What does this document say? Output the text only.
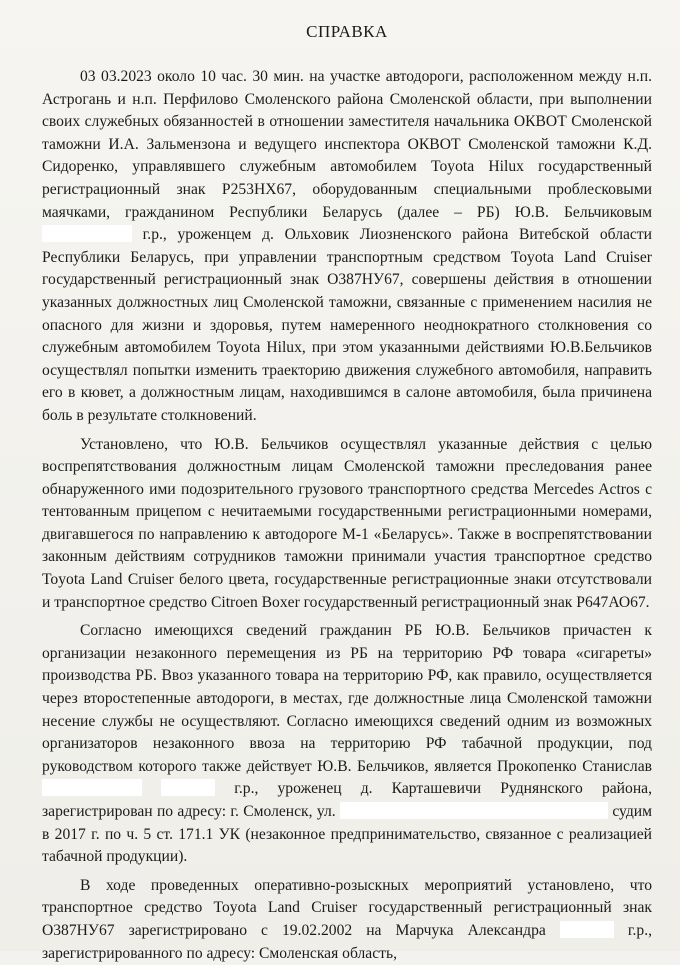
СПРАВКА

03 03.2023 около 10 час. 30 мин. на участке автодороги, расположенном между н.п. Астрогань и н.п. Перфилово Смоленского района Смоленской области, при выполнении своих служебных обязанностей в отношении заместителя начальника ОКВОТ Смоленской таможни И.А. Зальмензона и ведущего инспектора ОКВОТ Смоленской таможни К.Д. Сидоренко, управлявшего служебным автомобилем Toyota Hilux государственный регистрационный знак Р253НХ67, оборудованным специальными проблесковыми маячками, гражданином Республики Беларусь (далее – РБ) Ю.В. Бельчиковым  г.р., уроженцем д. Ольховик Лиозненского района Витебской области Республики Беларусь, при управлении транспортным средством Toyota Land Cruiser государственный регистрационный знак О387НУ67, совершены действия в отношении указанных должностных лиц Смоленской таможни, связанные с применением насилия не опасного для жизни и здоровья, путем намеренного неоднократного столкновения со служебным автомобилем Toyota Hilux, при этом указанными действиями Ю.В.Бельчиков осуществлял попытки изменить траекторию движения служебного автомобиля, направить его в кювет, а должностным лицам, находившимся в салоне автомобиля, была причинена боль в результате столкновений.

Установлено, что Ю.В. Бельчиков осуществлял указанные действия с целью воспрепятствования должностным лицам Смоленской таможни преследования ранее обнаруженного ими подозрительного грузового транспортного средства Mercedes Actros с тентованным прицепом с нечитаемыми государственными регистрационными номерами, двигавшегося по направлению к автодороге М-1 «Беларусь». Также в воспрепятствовании законным действиям сотрудников таможни принимали участия транспортное средство Toyota Land Cruiser белого цвета, государственные регистрационные знаки отсутствовали и транспортное средство Citroen Boxer государственный регистрационный знак Р647АО67.

Согласно имеющихся сведений гражданин РБ Ю.В. Бельчиков причастен к организации незаконного перемещения из РБ на территорию РФ товара «сигареты» производства РБ. Ввоз указанного товара на территорию РФ, как правило, осуществляется через второстепенные автодороги, в местах, где должностные лица Смоленской таможни несение службы не осуществляют. Согласно имеющихся сведений одним из возможных организаторов незаконного ввоза на территорию РФ табачной продукции, под руководством которого также действует Ю.В. Бельчиков, является Прокопенко Станислав   г.р., уроженец д. Карташевичи Руднянского района, зарегистрирован по адресу: г. Смоленск, ул.	судим в 2017 г. по ч. 5 ст. 171.1 УК (незаконное предпринимательство, связанное с реализацией табачной продукции).

В ходе проведенных оперативно-розыскных мероприятий установлено, что транспортное средство Toyota Land Cruiser государственный регистрационный знак О387НУ67 зарегистрировано с 19.02.2002 на Марчука Александра	г.р., зарегистрированного по адресу: Смоленская область,
